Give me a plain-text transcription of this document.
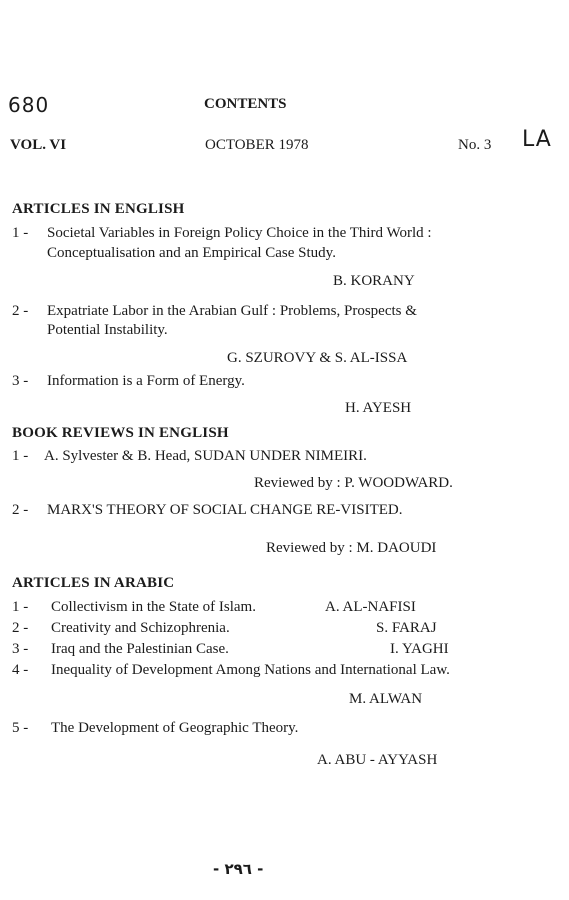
680
LA
CONTENTS
VOL. VI	OCTOBER 1978	No. 3
ARTICLES IN ENGLISH
1 -	Societal Variables in Foreign Policy Choice in the Third World :
Conceptualisation and an Empirical Case Study.
B. KORANY
2 -	Expatriate Labor in the Arabian Gulf : Problems, Prospects &
Potential Instability.
G. SZUROVY & S. AL-ISSA
3 -	Information is a Form of Energy.
H. AYESH
BOOK REVIEWS IN ENGLISH
1 - A. Sylvester & B. Head, SUDAN UNDER NIMEIRI.
Reviewed by : P. WOODWARD.
2 -	MARX'S THEORY OF SOCIAL CHANGE RE-VISITED.
Reviewed by : M. DAOUDI
ARTICLES IN ARABIC
1 -	Collectivism in the State of Islam.	A. AL-NAFISI
2 -	Creativity and Schizophrenia.	S. FARAJ
3 -	Iraq and the Palestinian Case.	I. YAGHI
4 -	Inequality of Development Among Nations and International Law.
M. ALWAN
5 -	The Development of Geographic Theory.
A. ABU - AYYASH
- ٢٩٦ -
